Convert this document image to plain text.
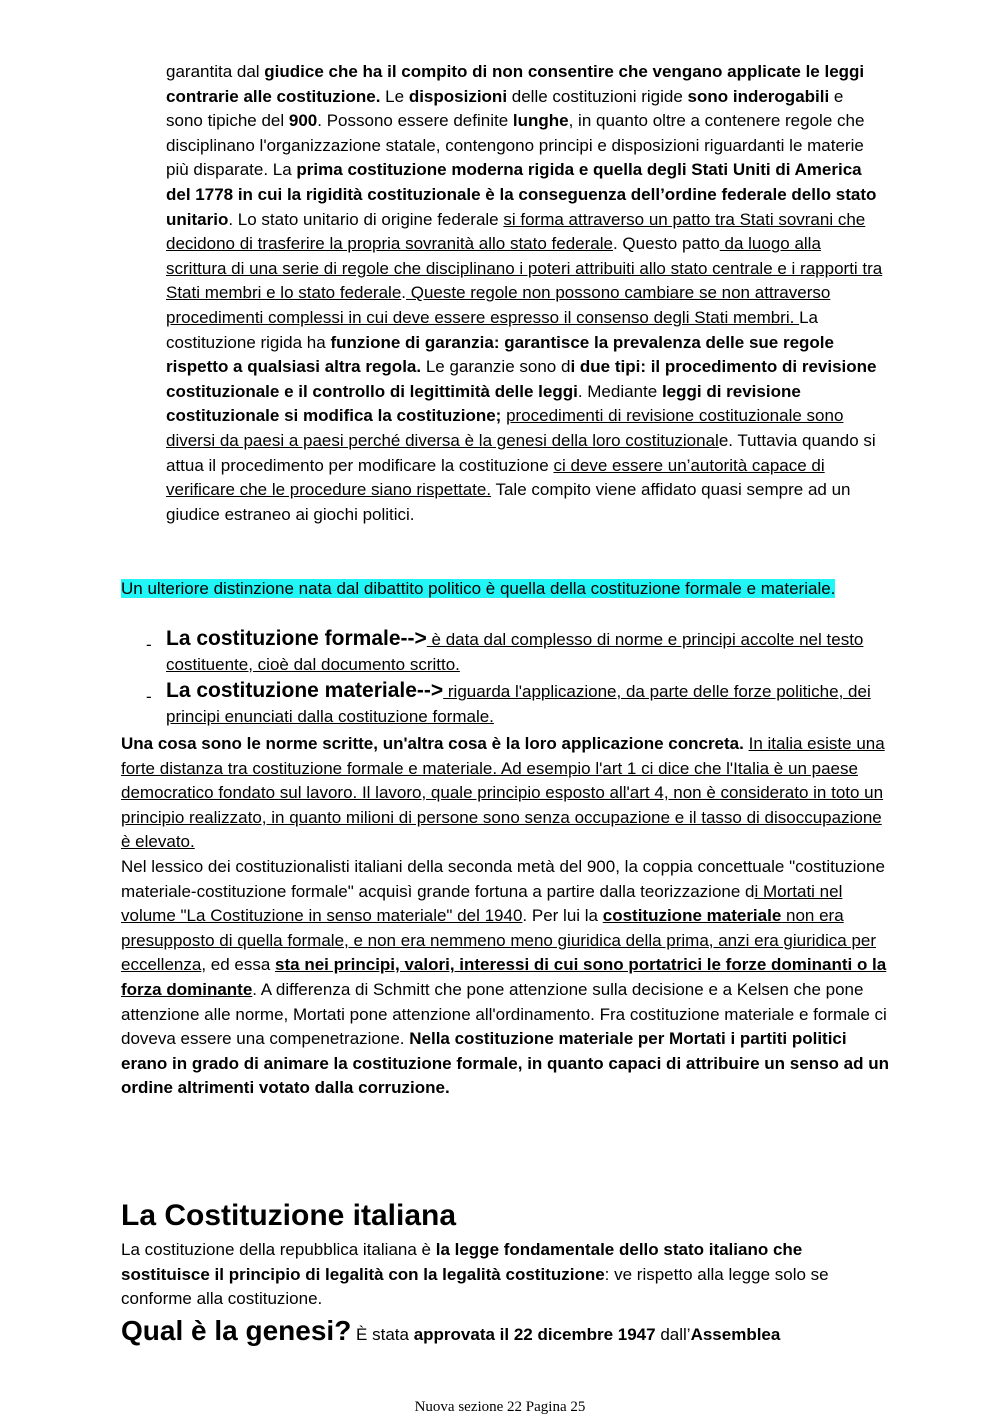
garantita dal giudice che ha il compito di non consentire che vengano applicate le leggi contrarie alle costituzione. Le disposizioni delle costituzioni rigide sono inderogabili e sono tipiche del 900. Possono essere definite lunghe, in quanto oltre a contenere regole che disciplinano l'organizzazione statale, contengono principi e disposizioni riguardanti le materie più disparate. La prima costituzione moderna rigida e quella degli Stati Uniti di America del 1778 in cui la rigidità costituzionale è la conseguenza dell’ordine federale dello stato unitario. Lo stato unitario di origine federale si forma attraverso un patto tra Stati sovrani che decidono di trasferire la propria sovranità allo stato federale. Questo patto da luogo alla scrittura di una serie di regole che disciplinano i poteri attribuiti allo stato centrale e i rapporti tra Stati membri e lo stato federale. Queste regole non possono cambiare se non attraverso procedimenti complessi in cui deve essere espresso il consenso degli Stati membri. La costituzione rigida ha funzione di garanzia: garantisce la prevalenza delle sue regole rispetto a qualsiasi altra regola. Le garanzie sono di due tipi: il procedimento di revisione costituzionale e il controllo di legittimità delle leggi. Mediante leggi di revisione costituzionale si modifica la costituzione; procedimenti di revisione costituzionale sono diversi da paesi a paesi perché diversa è la genesi della loro costituzionale. Tuttavia quando si attua il procedimento per modificare la costituzione ci deve essere un’autorità capace di verificare che le procedure siano rispettate. Tale compito viene affidato quasi sempre ad un giudice estraneo ai giochi politici.
Un ulteriore distinzione nata dal dibattito politico è quella della costituzione formale e materiale.
- La costituzione formale--> è data dal complesso di norme e principi accolte nel testo costituente, cioè dal documento scritto.
- La costituzione materiale--> riguarda l'applicazione, da parte delle forze politiche, dei principi enunciati dalla costituzione formale.
Una cosa sono le norme scritte, un'altra cosa è la loro applicazione concreta. In italia esiste una forte distanza tra costituzione formale e materiale. Ad esempio l'art 1 ci dice che l'Italia è un paese democratico fondato sul lavoro. Il lavoro, quale principio esposto all'art 4, non è considerato in toto un principio realizzato, in quanto milioni di persone sono senza occupazione e il tasso di disoccupazione è elevato.
Nel lessico dei costituzionalisti italiani della seconda metà del 900, la coppia concettuale "costituzione materiale-costituzione formale" acquisì grande fortuna a partire dalla teorizzazione di Mortati nel volume "La Costituzione in senso materiale" del 1940. Per lui la costituzione materiale non era presupposto di quella formale, e non era nemmeno meno giuridica della prima, anzi era giuridica per eccellenza, ed essa sta nei principi, valori, interessi di cui sono portatrici le forze dominanti o la forza dominante. A differenza di Schmitt che pone attenzione sulla decisione e a Kelsen che pone attenzione alle norme, Mortati pone attenzione all'ordinamento. Fra costituzione materiale e formale ci doveva essere una compenetrazione. Nella costituzione materiale per Mortati i partiti politici erano in grado di animare la costituzione formale, in quanto capaci di attribuire un senso ad un ordine altrimenti votato dalla corruzione.
La Costituzione italiana
La costituzione della repubblica italiana è la legge fondamentale dello stato italiano che sostituisce il principio di legalità con la legalità costituzione: ve rispetto alla legge solo se conforme alla costituzione.
Qual è la genesi? È stata approvata il 22 dicembre 1947 dall’Assemblea
Nuova sezione 22 Pagina 25
